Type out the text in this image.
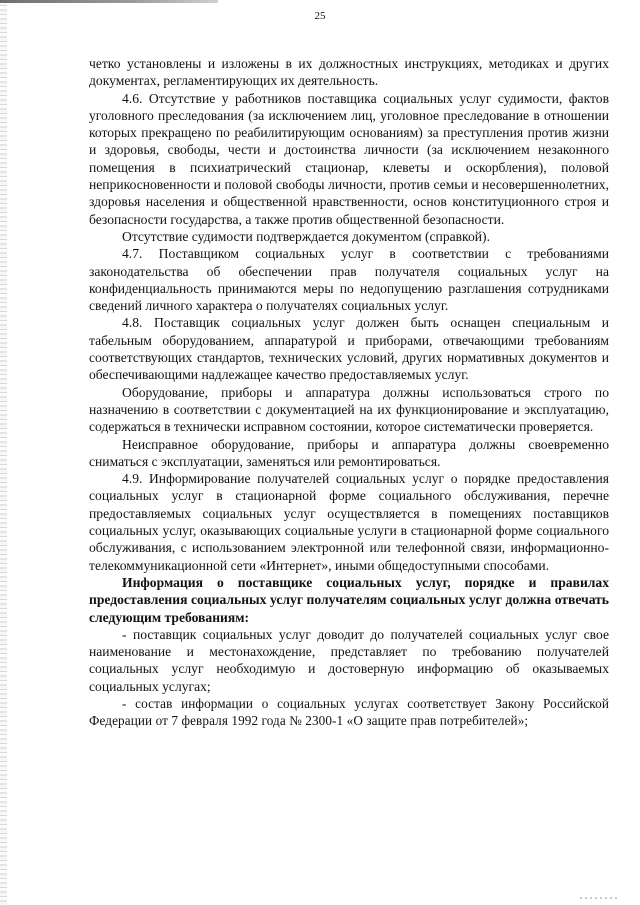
25

четко установлены и изложены в их должностных инструкциях, методиках и других документах, регламентирующих их деятельность.

4.6. Отсутствие у работников поставщика социальных услуг судимости, фактов уголовного преследования (за исключением лиц, уголовное преследование в отношении которых прекращено по реабилитирующим основаниям) за преступления против жизни и здоровья, свободы, чести и достоинства личности (за исключением незаконного помещения в психиатрический стационар, клеветы и оскорбления), половой неприкосновенности и половой свободы личности, против семьи и несовершеннолетних, здоровья населения и общественной нравственности, основ конституционного строя и безопасности государства, а также против общественной безопасности.

Отсутствие судимости подтверждается документом (справкой).

4.7. Поставщиком социальных услуг в соответствии с требованиями законодательства об обеспечении прав получателя социальных услуг на конфиденциальность принимаются меры по недопущению разглашения сотрудниками сведений личного характера о получателях социальных услуг.

4.8. Поставщик социальных услуг должен быть оснащен специальным и табельным оборудованием, аппаратурой и приборами, отвечающими требованиям соответствующих стандартов, технических условий, других нормативных документов и обеспечивающими надлежащее качество предоставляемых услуг.

Оборудование, приборы и аппаратура должны использоваться строго по назначению в соответствии с документацией на их функционирование и эксплуатацию, содержаться в технически исправном состоянии, которое систематически проверяется.

Неисправное оборудование, приборы и аппаратура должны своевременно сниматься с эксплуатации, заменяться или ремонтироваться.

4.9. Информирование получателей социальных услуг о порядке предоставления социальных услуг в стационарной форме социального обслуживания, перечне предоставляемых социальных услуг осуществляется в помещениях поставщиков социальных услуг, оказывающих социальные услуги в стационарной форме социального обслуживания, с использованием электронной или телефонной связи, информационно-телекоммуникационной сети «Интернет», иными общедоступными способами.

Информация о поставщике социальных услуг, порядке и правилах предоставления социальных услуг получателям социальных услуг должна отвечать следующим требованиям:

- поставщик социальных услуг доводит до получателей социальных услуг свое наименование и местонахождение, представляет по требованию получателей социальных услуг необходимую и достоверную информацию об оказываемых социальных услугах;

- состав информации о социальных услугах соответствует Закону Российской Федерации от 7 февраля 1992 года № 2300-1 «О защите прав потребителей»;
